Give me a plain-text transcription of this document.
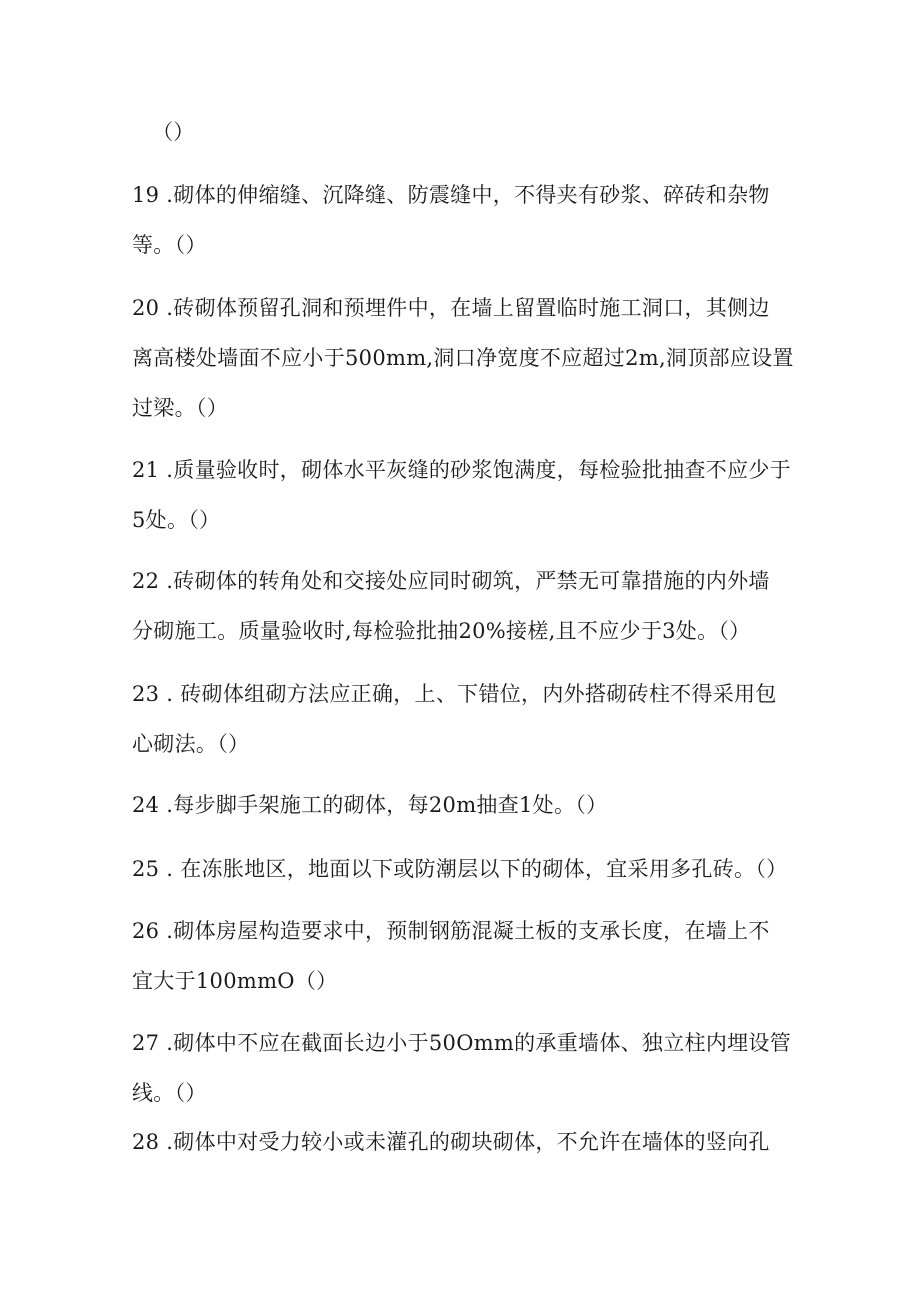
（）
19 .砌体的伸缩缝、沉降缝、防震缝中，不得夹有砂浆、碎砖和杂物
等。（）
20 .砖砌体预留孔洞和预埋件中，在墙上留置临时施工洞口，其侧边
离高楼处墙面不应小于500mm,洞口净宽度不应超过2m,洞顶部应设置
过梁。（）
21 .质量验收时，砌体水平灰缝的砂浆饱满度，每检验批抽查不应少于
5处。（）
22 .砖砌体的转角处和交接处应同时砌筑，严禁无可靠措施的内外墙
分砌施工。质量验收时,每检验批抽20%接槎,且不应少于3处。（）
23 . 砖砌体组砌方法应正确，上、下错位，内外搭砌砖柱不得采用包
心砌法。（）
24 .每步脚手架施工的砌体，每20m抽查1处。（）
25 . 在冻胀地区，地面以下或防潮层以下的砌体，宜采用多孔砖。（）
26 .砌体房屋构造要求中，预制钢筋混凝土板的支承长度，在墙上不
宜大于100mmO（）
27 .砌体中不应在截面长边小于50Omm的承重墙体、独立柱内埋设管
线。（）
28 .砌体中对受力较小或未灌孔的砌块砌体，不允许在墙体的竖向孔
